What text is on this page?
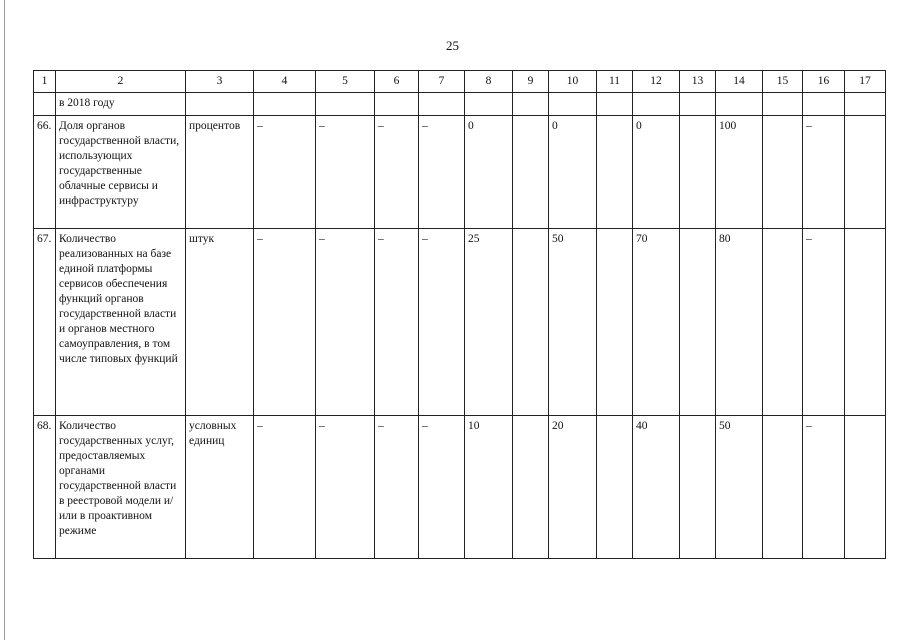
25
1	2	3	4	5	6	7	8	9	10	11	12	13	14	15	16	17
	в 2018 году															
66.	Доля органов государственной власти, использующих государственные облачные сервисы и инфраструктуру	процентов	–	–	–	–	0		0		0		100		–	
67.	Количество реализованных на базе единой платформы сервисов обеспечения функций органов государственной власти и органов местного самоуправления, в том числе типовых функций	штук	–	–	–	–	25		50		70		80		–	
68.	Количество государственных услуг, предоставляемых органами государственной власти в реестровой модели и/или в проактивном режиме	условных единиц	–	–	–	–	10		20		40		50		–	
